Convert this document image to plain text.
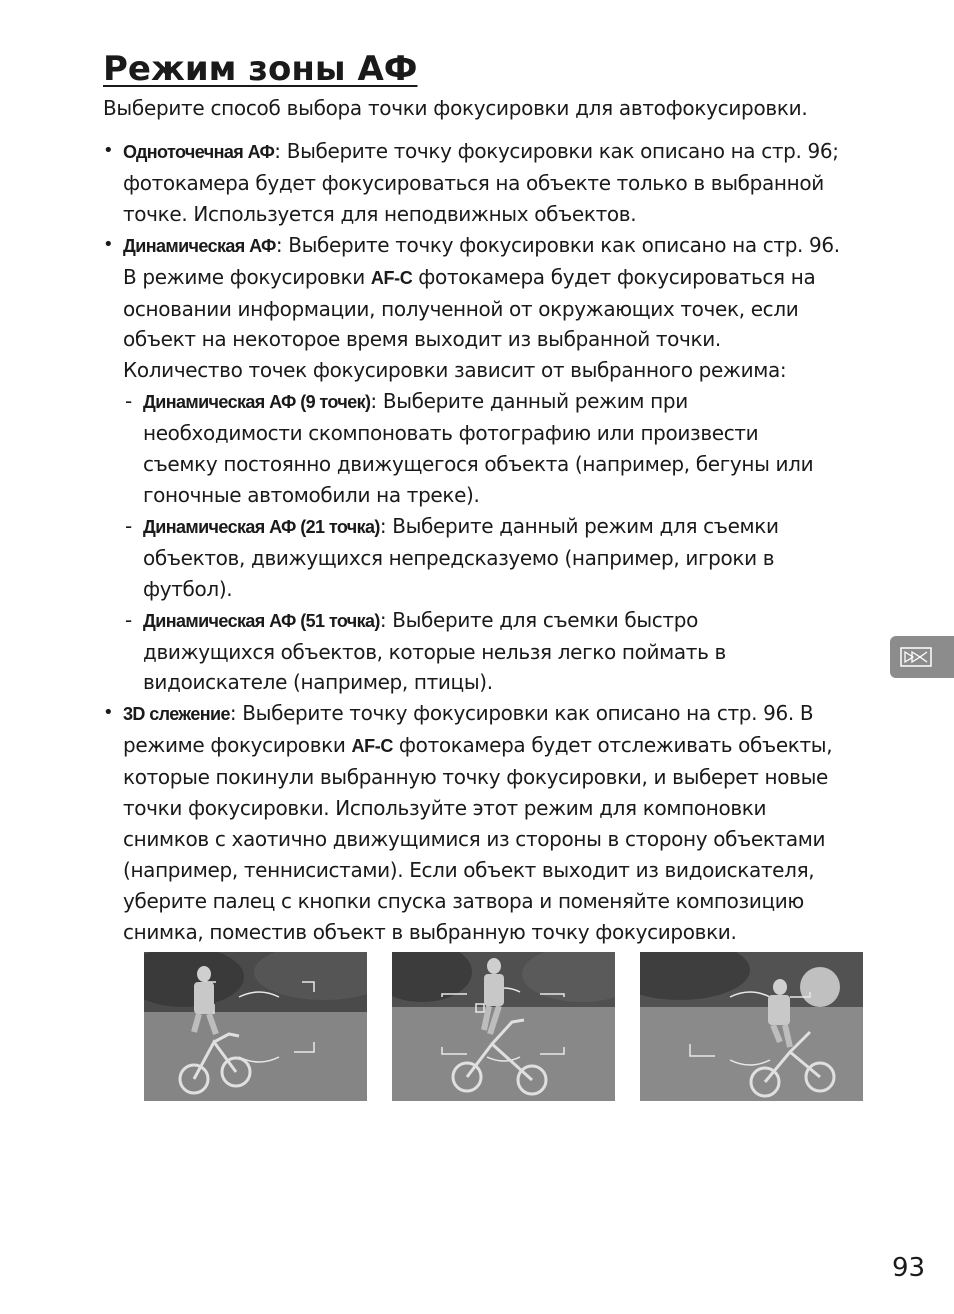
Режим зоны АФ

Выберите способ выбора точки фокусировки для автофокусировки.

• Одноточечная АФ: Выберите точку фокусировки как описано на стр. 96;
фотокамера будет фокусироваться на объекте только в выбранной
точке. Используется для неподвижных объектов.
• Динамическая АФ: Выберите точку фокусировки как описано на стр. 96.
В режиме фокусировки AF-C фотокамера будет фокусироваться на
основании информации, полученной от окружающих точек, если
объект на некоторое время выходит из выбранной точки.
Количество точек фокусировки зависит от выбранного режима:
- Динамическая АФ (9 точек): Выберите данный режим при
необходимости скомпоновать фотографию или произвести
съемку постоянно движущегося объекта (например, бегуны или
гоночные автомобили на треке).
- Динамическая АФ (21 точка): Выберите данный режим для съемки
объектов, движущихся непредсказуемо (например, игроки в
футбол).
- Динамическая АФ (51 точка): Выберите для съемки быстро
движущихся объектов, которые нельзя легко поймать в
видоискателе (например, птицы).
• 3D слежение: Выберите точку фокусировки как описано на стр. 96. В
режиме фокусировки AF-C фотокамера будет отслеживать объекты,
которые покинули выбранную точку фокусировки, и выберет новые
точки фокусировки. Используйте этот режим для компоновки
снимков с хаотично движущимися из стороны в сторону объектами
(например, теннисистами). Если объект выходит из видоискателя,
уберите палец с кнопки спуска затвора и поменяйте композицию
снимка, поместив объект в выбранную точку фокусировки.
93
